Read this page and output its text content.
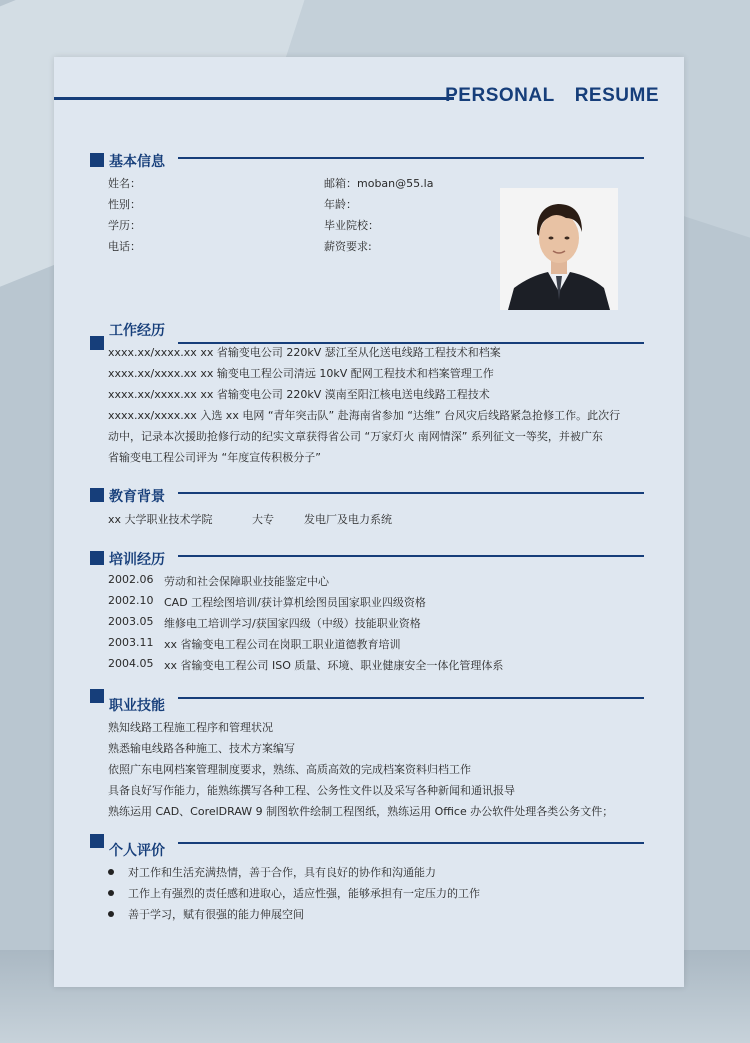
PERSONAL RESUME
基本信息
姓名：
性别：
学历：
电话：
邮箱：moban@55.la
年龄：
毕业院校：
薪资要求:
工作经历
xxxx.xx/xxxx.xx xx 省输变电公司 220kV 瑟江至从化送电线路工程技术和档案
xxxx.xx/xxxx.xx xx 输变电工程公司清远 10kV 配网工程技术和档案管理工作
xxxx.xx/xxxx.xx xx 省输变电公司 220kV 漠南至阳江核电送电线路工程技术
xxxx.xx/xxxx.xx 入选 xx 电网 “青年突击队” 赴海南省参加 “达维” 台风灾后线路紧急抢修工作。此次行
动中，记录本次援助抢修行动的纪实文章获得省公司 “万家灯火 南网情深” 系列征文一等奖，并被广东
省输变电工程公司评为 “年度宣传积极分子”
教育背景
xx 大学职业技术学院	大专	发电厂及电力系统
培训经历
2002.06 劳动和社会保障职业技能鉴定中心
2002.10 CAD 工程绘图培训/获计算机绘图员国家职业四级资格
2003.05 维修电工培训学习/获国家四级（中级）技能职业资格
2003.11 xx 省输变电工程公司在岗职工职业道德教育培训
2004.05 xx 省输变电工程公司 ISO 质量、环境、职业健康安全一体化管理体系
职业技能
熟知线路工程施工程序和管理状况
熟悉输电线路各种施工、技术方案编写
依照广东电网档案管理制度要求，熟练、高质高效的完成档案资料归档工作
具备良好写作能力，能熟练撰写各种工程、公务性文件以及采写各种新闻和通讯报导
熟练运用 CAD、CorelDRAW 9 制图软件绘制工程图纸，熟练运用 Office 办公软件处理各类公务文件；
个人评价
对工作和生活充满热情，善于合作，具有良好的协作和沟通能力
工作上有强烈的责任感和进取心，适应性强，能够承担有一定压力的工作
善于学习，赋有很强的能力伸展空间
